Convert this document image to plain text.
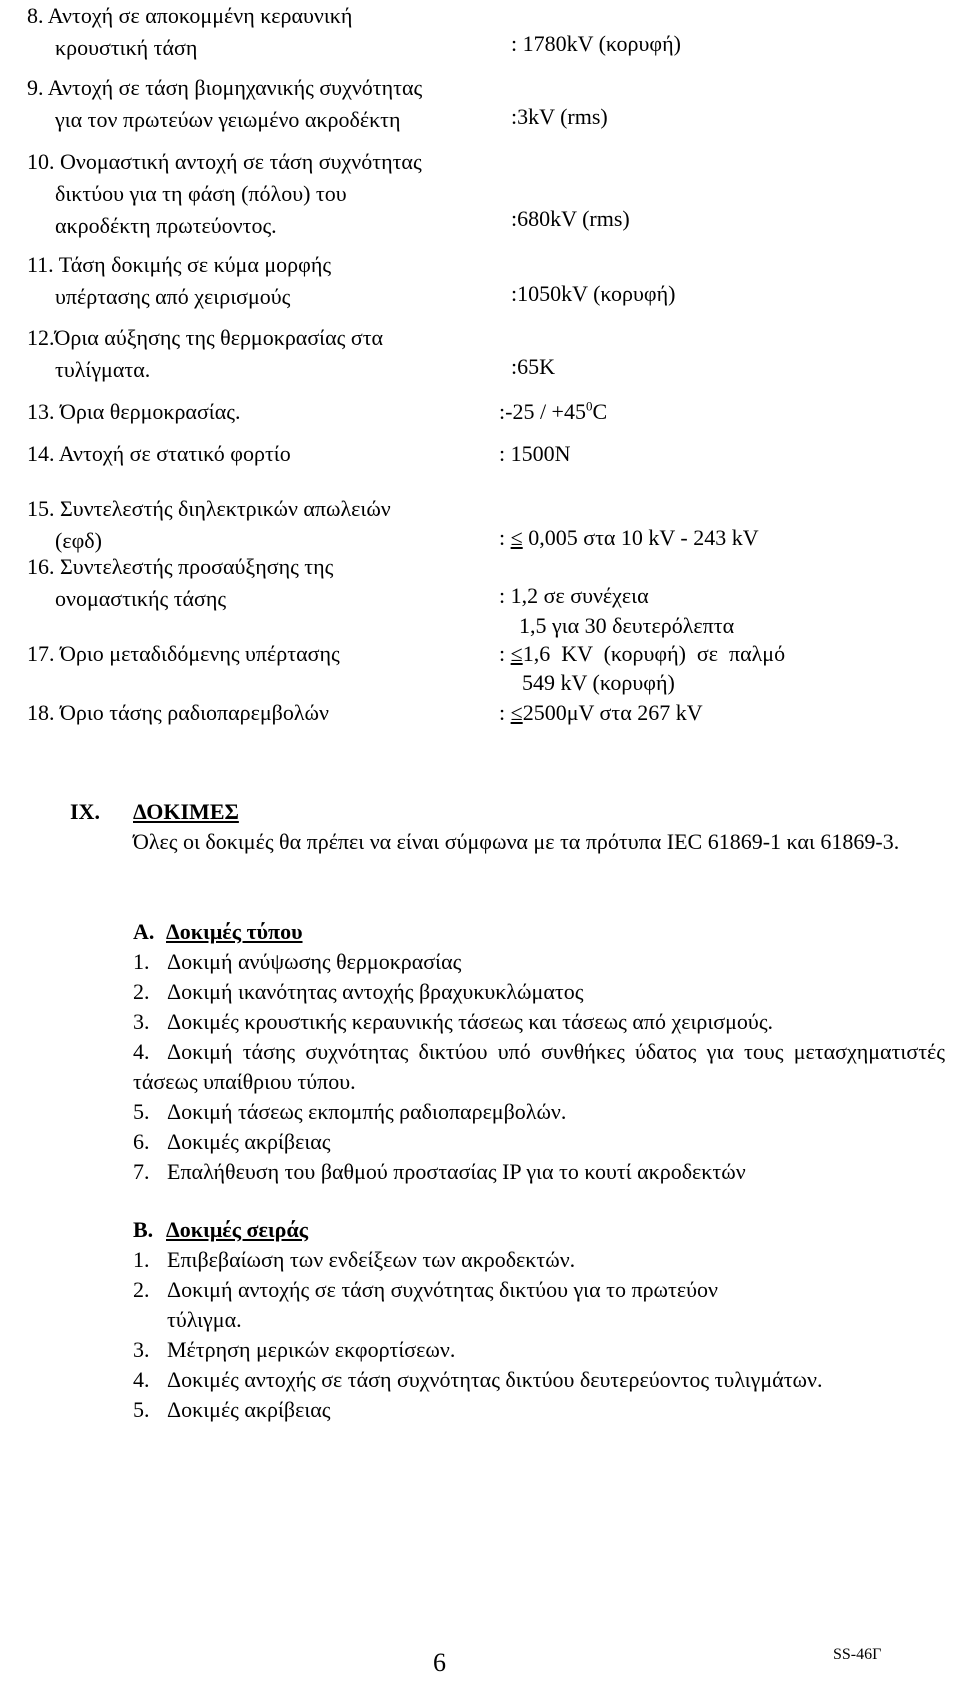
8. Αντοχή σε αποκομμένη κεραυνική
κρουστική τάση	: 1780kV (κορυφή)
9. Αντοχή σε τάση βιομηχανικής συχνότητας
για τον πρωτεύων γειωμένο ακροδέκτη	:3kV (rms)
10. Ονομαστική αντοχή σε τάση συχνότητας
δικτύου για τη φάση (πόλου) του
ακροδέκτη πρωτεύοντος.	:680kV (rms)
11. Τάση δοκιμής σε κύμα μορφής
υπέρτασης από χειρισμούς	:1050kV (κορυφή)
12.Όρια αύξησης της θερμοκρασίας στα
τυλίγματα.	:65K
13. Όρια θερμοκρασίας.	:-25 / $+45^0C$
14. Αντοχή σε στατικό φορτίο	: 1500N
15. Συντελεστής διηλεκτρικών απωλειών
(εφδ)	: ≤ 0,005 στα 10 kV - 243 kV
16. Συντελεστής προσαύξησης της
ονομαστικής τάσης	: 1,2 σε συνέχεια
1,5 για 30 δευτερόλεπτα
17. Όριο μεταδιδόμενης υπέρτασης	: ≤1,6  KV  (κορυφή)  σε  παλμό
549 kV (κορυφή)
18. Όριο τάσης ραδιοπαρεμβολών	: ≤2500μV στα 267 kV
IX. ΔΟΚΙΜΕΣ
Όλες οι δοκιμές θα πρέπει να είναι σύμφωνα με τα πρότυπα IEC 61869-1 και 61869-3.
A. Δοκιμές τύπου
1. Δοκιμή ανύψωσης θερμοκρασίας
2. Δοκιμή ικανότητας αντοχής βραχυκυκλώματος
3. Δοκιμές κρουστικής κεραυνικής τάσεως και τάσεως από χειρισμούς.
4. Δοκιμή τάσης συχνότητας δικτύου υπό συνθήκες ύδατος για τους μετασχηματιστές τάσεως υπαίθριου τύπου.
5. Δοκιμή τάσεως εκπομπής ραδιοπαρεμβολών.
6. Δοκιμές ακρίβειας
7. Επαλήθευση του βαθμού προστασίας IP για το κουτί ακροδεκτών
B. Δοκιμές σειράς
1. Επιβεβαίωση των ενδείξεων των ακροδεκτών.
2. Δοκιμή αντοχής σε τάση συχνότητας δικτύου για το πρωτεύον τύλιγμα.
3. Μέτρηση μερικών εκφορτίσεων.
4. Δοκιμές αντοχής σε τάση συχνότητας δικτύου δευτερεύοντος τυλιγμάτων.
5. Δοκιμές ακρίβειας
6	SS-46Γ
